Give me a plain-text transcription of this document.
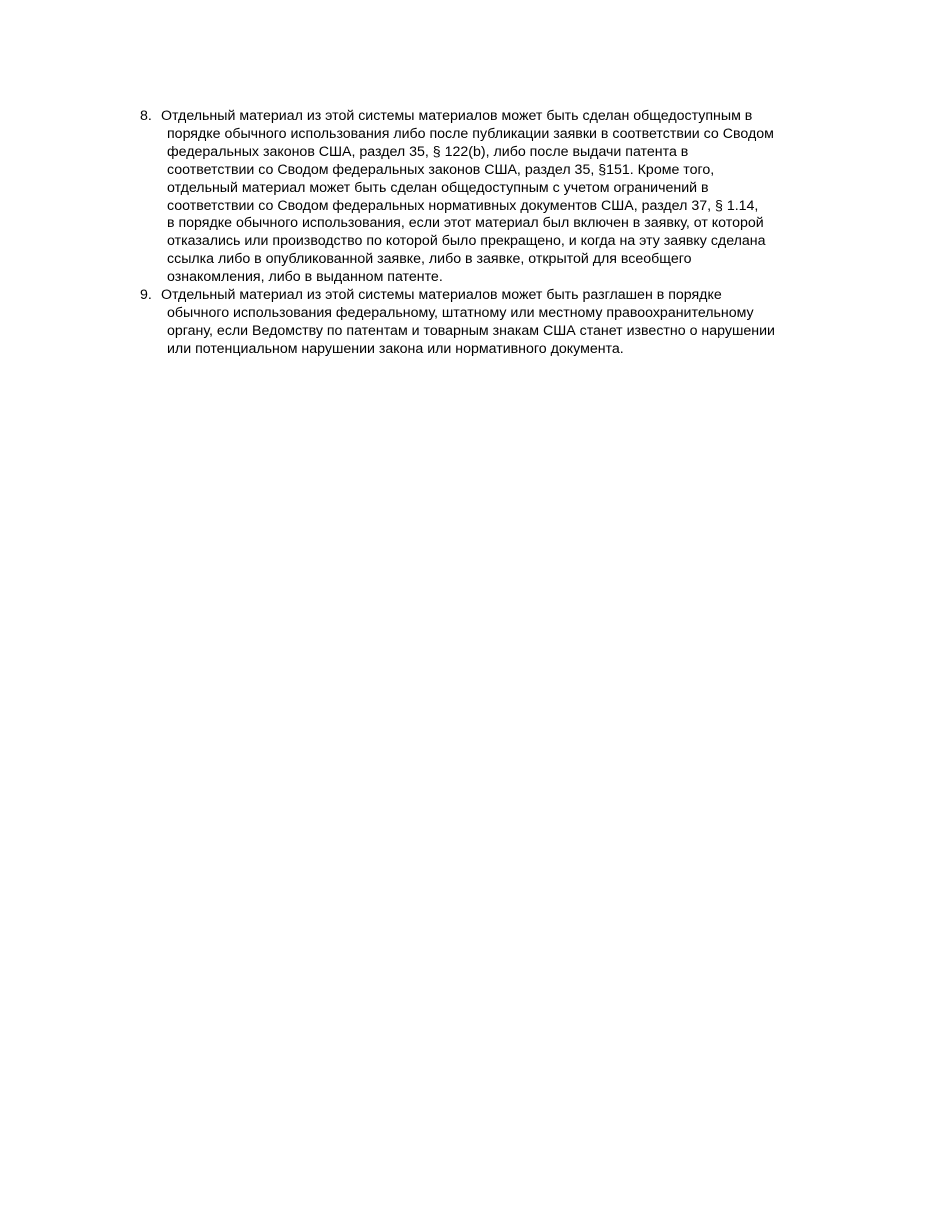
8. Отдельный материал из этой системы материалов может быть сделан общедоступным в
порядке обычного использования либо после публикации заявки в соответствии со Сводом
федеральных законов США, раздел 35, § 122(b), либо после выдачи патента в
соответствии со Сводом федеральных законов США, раздел 35, §151. Кроме того,
отдельный материал может быть сделан общедоступным с учетом ограничений в
соответствии со Сводом федеральных нормативных документов США, раздел 37, § 1.14,
в порядке обычного использования, если этот материал был включен в заявку, от которой
отказались или производство по которой было прекращено, и когда на эту заявку сделана
ссылка либо в опубликованной заявке, либо в заявке, открытой для всеобщего
ознакомления, либо в выданном патенте.
9. Отдельный материал из этой системы материалов может быть разглашен в порядке
обычного использования федеральному, штатному или местному правоохранительному
органу, если Ведомству по патентам и товарным знакам США станет известно о нарушении
или потенциальном нарушении закона или нормативного документа.
